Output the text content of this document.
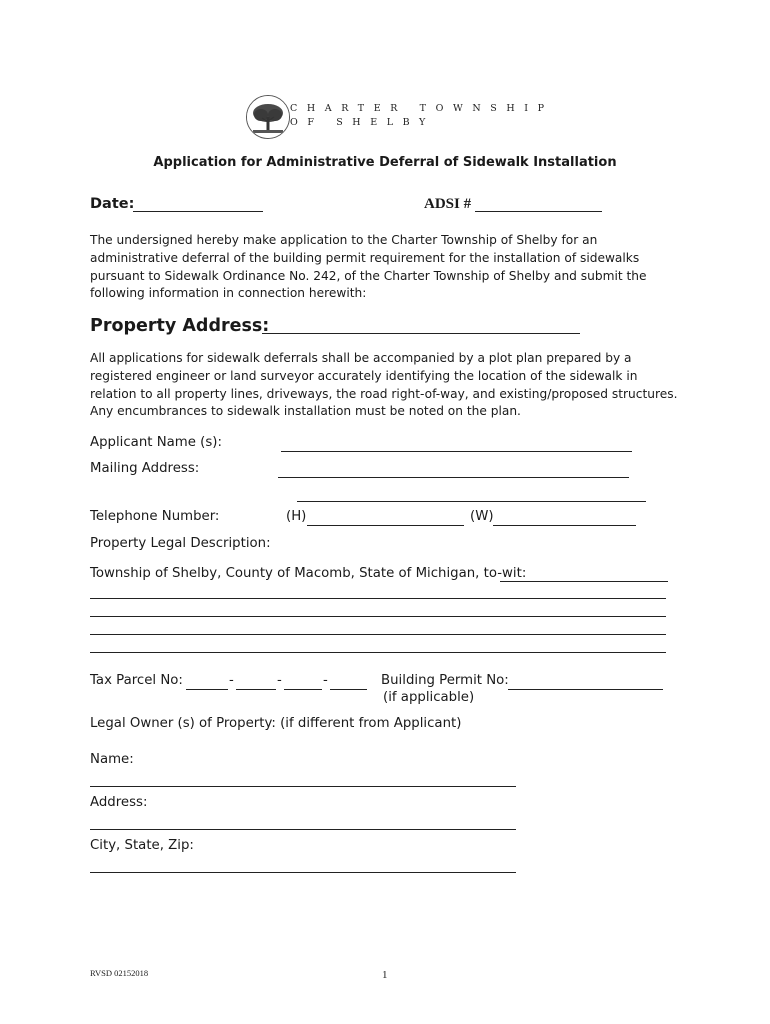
CHARTER TOWNSHIP
OF SHELBY
Application for Administrative Deferral of Sidewalk Installation
Date:	ADSI #
The undersigned hereby make application to the Charter Township of Shelby for an
administrative deferral of the building permit requirement for the installation of sidewalks
pursuant to Sidewalk Ordinance No. 242, of the Charter Township of Shelby and submit the
following information in connection herewith:
Property Address:
All applications for sidewalk deferrals shall be accompanied by a plot plan prepared by a
registered engineer or land surveyor accurately identifying the location of the sidewalk in
relation to all property lines, driveways, the road right-of-way, and existing/proposed structures.
Any encumbrances to sidewalk installation must be noted on the plan.
Applicant Name (s):
Mailing Address:
Telephone Number:	(H)	(W)
Property Legal Description:
Township of Shelby, County of Macomb, State of Michigan, to-wit:
Tax Parcel No:	-	-	-	Building Permit No:
(if applicable)
Legal Owner (s) of Property: (if different from Applicant)
Name:
Address:
City, State, Zip:
RVSD 02152018	1
